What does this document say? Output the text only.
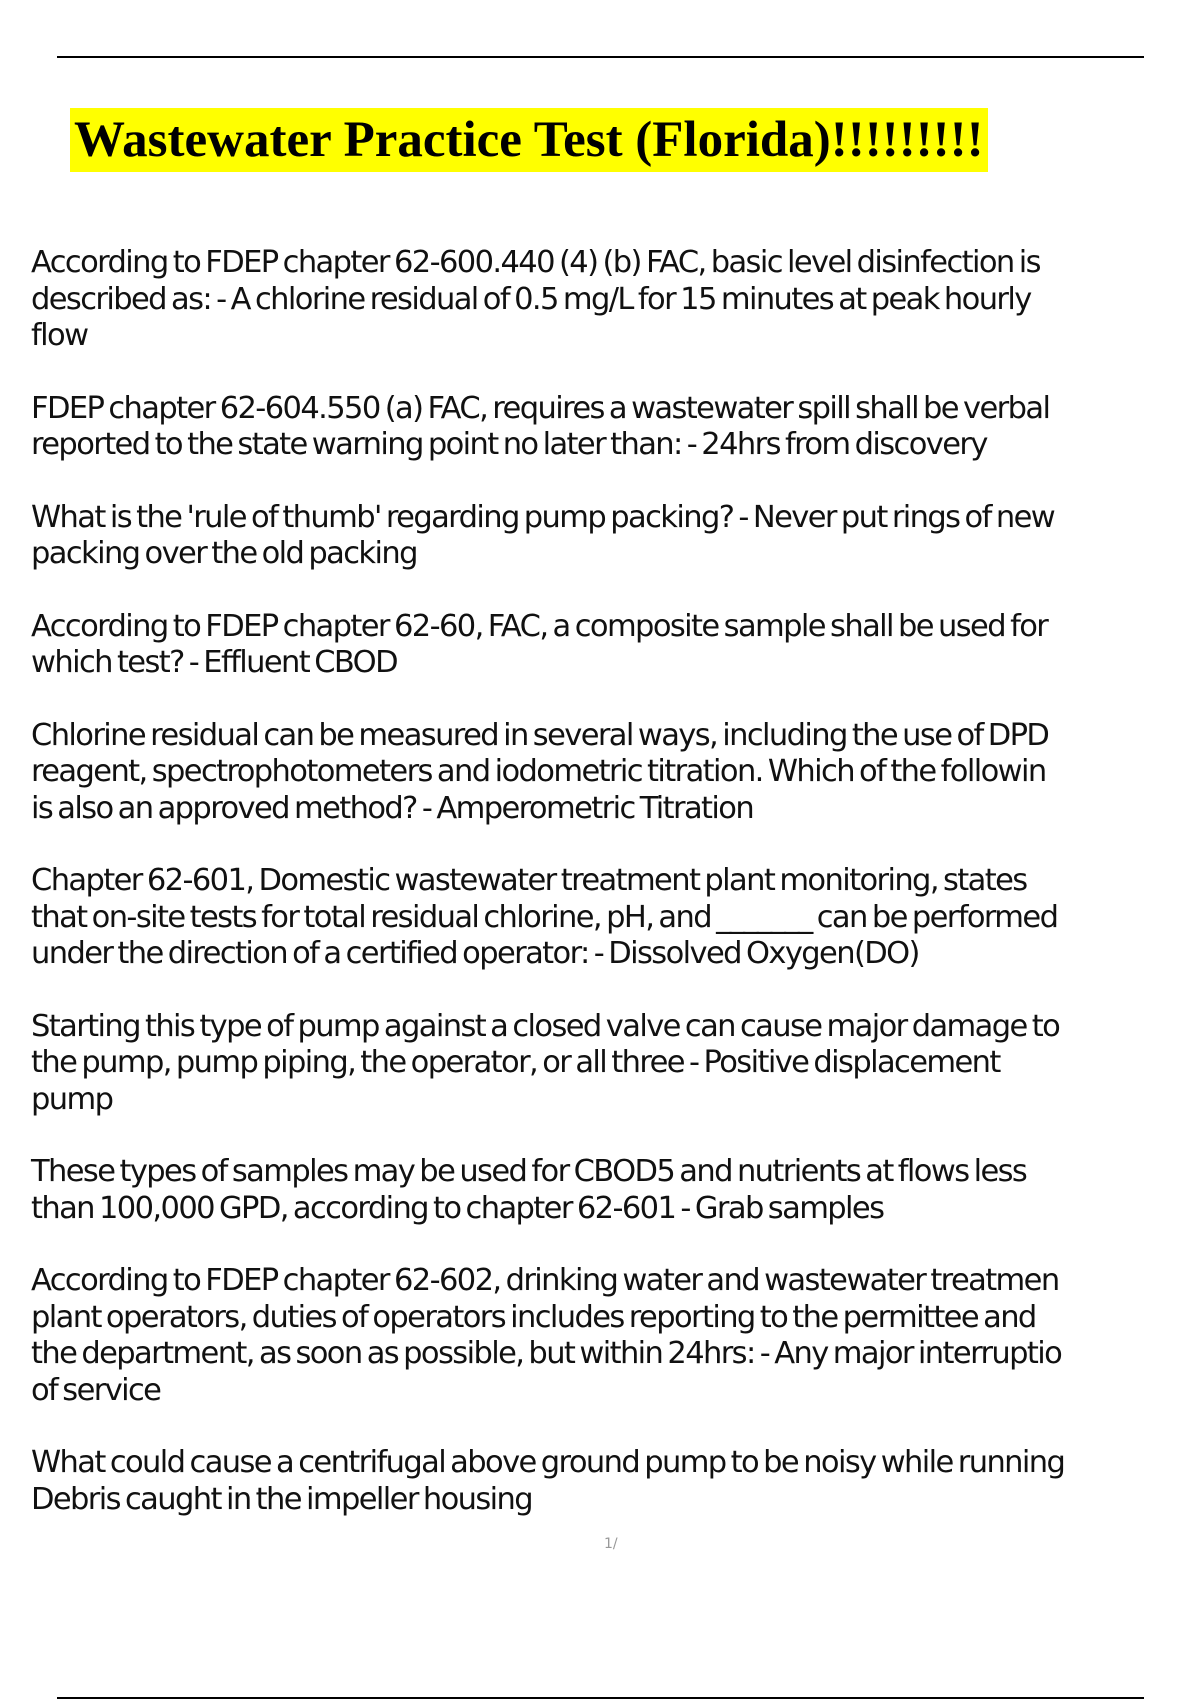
Wastewater Practice Test (Florida)!!!!!!!!!
According to FDEP chapter 62-600.440 (4) (b) FAC, basic level disinfection is
described as: - A chlorine residual of 0.5 mg/L for 15 minutes at peak hourly
flow
FDEP chapter 62-604.550 (a) FAC, requires a wastewater spill shall be verbal
reported to the state warning point no later than: - 24hrs from discovery
What is the 'rule of thumb' regarding pump packing? - Never put rings of new
packing over the old packing
According to FDEP chapter 62-60, FAC, a composite sample shall be used for
which test? - Effluent CBOD
Chlorine residual can be measured in several ways, including the use of DPD
reagent, spectrophotometers and iodometric titration. Which of the followin
is also an approved method? - Amperometric Titration
Chapter 62-601, Domestic wastewater treatment plant monitoring, states
that on-site tests for total residual chlorine, pH, and _______ can be performed
under the direction of a certified operator: - Dissolved Oxygen(DO)
Starting this type of pump against a closed valve can cause major damage to
the pump, pump piping, the operator, or all three - Positive displacement
pump
These types of samples may be used for CBOD5 and nutrients at flows less
than 100,000 GPD, according to chapter 62-601 - Grab samples
According to FDEP chapter 62-602, drinking water and wastewater treatmen
plant operators, duties of operators includes reporting to the permittee and
the department, as soon as possible, but within 24hrs: - Any major interruptio
of service
What could cause a centrifugal above ground pump to be noisy while running
Debris caught in the impeller housing
1/
